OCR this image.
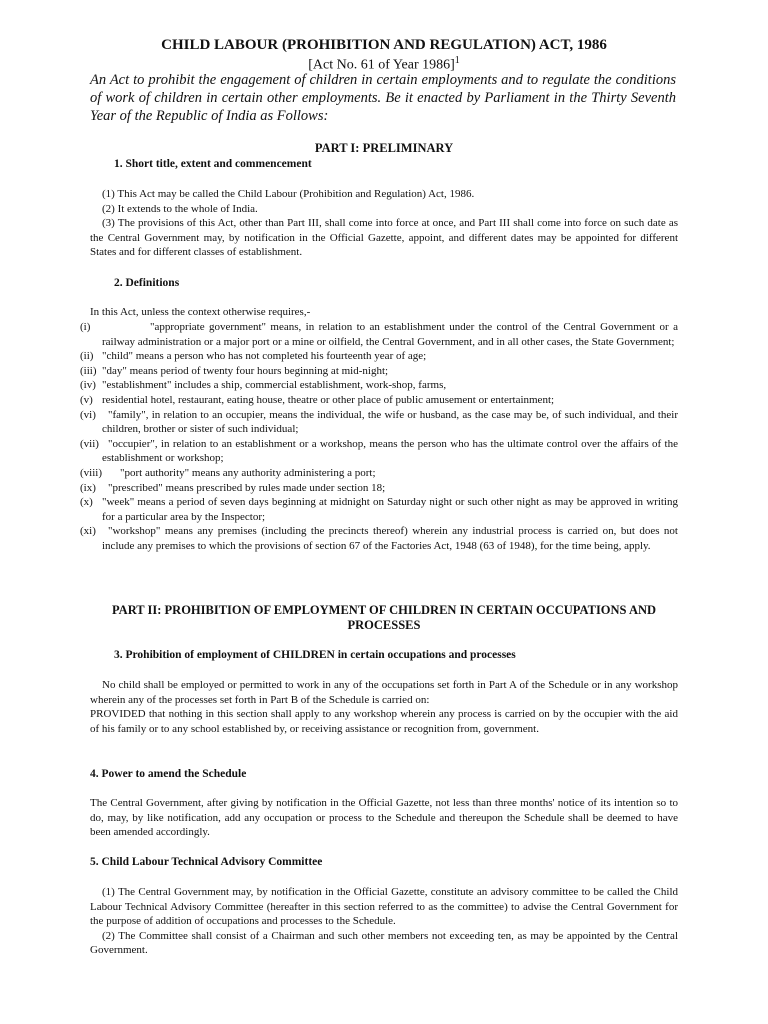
CHILD LABOUR (PROHIBITION AND REGULATION) ACT, 1986
[Act No. 61 of Year 1986]$^1$
An Act to prohibit the engagement of children in certain employments and to regulate the conditions of work of children in certain other employments. Be it enacted by Parliament in the Thirty Seventh Year of the Republic of India as Follows:
PART I: PRELIMINARY
1. Short title, extent and commencement

(1) This Act may be called the Child Labour (Prohibition and Regulation) Act, 1986.

(2) It extends to the whole of India.

(3) The provisions of this Act, other than Part III, shall come into force at once, and Part III shall come into force on such date as the Central Government may, by notification in the Official Gazette, appoint, and different dates may be appointed for different States and for different classes of establishment.

2. Definitions

In this Act, unless the context otherwise requires,-

(i)	"appropriate government" means, in relation to an establishment under the control of the Central Government or a railway administration or a major port or a mine or oilfield, the Central Government, and in all other cases, the State Government;
(ii) "child" means a person who has not completed his fourteenth year of age;
(iii) "day" means period of twenty four hours beginning at mid-night;
(iv) "establishment" includes a ship, commercial establishment, work-shop, farms,
(v) residential hotel, restaurant, eating house, theatre or other place of public amusement or entertainment;
(vi)	"family", in relation to an occupier, means the individual, the wife or husband, as the case may be, of such individual, and their children, brother or sister of such individual;
(vii) "occupier", in relation to an establishment or a workshop, means the person who has the ultimate control over the affairs of the establishment or workshop;
(viii)	"port authority" means any authority administering a port;
(ix)	"prescribed" means prescribed by rules made under section 18;
(x) "week" means a period of seven days beginning at midnight on Saturday night or such other night as may be approved in writing for a particular area by the Inspector;
(xi)	"workshop" means any premises (including the precincts thereof) wherein any industrial process is carried on, but does not include any premises to which the provisions of section 67 of the Factories Act, 1948 (63 of 1948), for the time being, apply.
PART II: PROHIBITION OF EMPLOYMENT OF CHILDREN IN CERTAIN OCCUPATIONS AND PROCESSES
3. Prohibition of employment of CHILDREN in certain occupations and processes

No child shall be employed or permitted to work in any of the occupations set forth in Part A of the Schedule or in any workshop wherein any of the processes set forth in Part B of the Schedule is carried on:

PROVIDED that nothing in this section shall apply to any workshop wherein any process is carried on by the occupier with the aid of his family or to any school established by, or receiving assistance or recognition from, government.

4. Power to amend the Schedule

The Central Government, after giving by notification in the Official Gazette, not less than three months' notice of its intention so to do, may, by like notification, add any occupation or process to the Schedule and thereupon the Schedule shall be deemed to have been amended accordingly.

5. Child Labour Technical Advisory Committee

(1) The Central Government may, by notification in the Official Gazette, constitute an advisory committee to be called the Child Labour Technical Advisory Committee (hereafter in this section referred to as the committee) to advise the Central Government for the purpose of addition of occupations and processes to the Schedule.

(2) The Committee shall consist of a Chairman and such other members not exceeding ten, as may be appointed by the Central Government.
